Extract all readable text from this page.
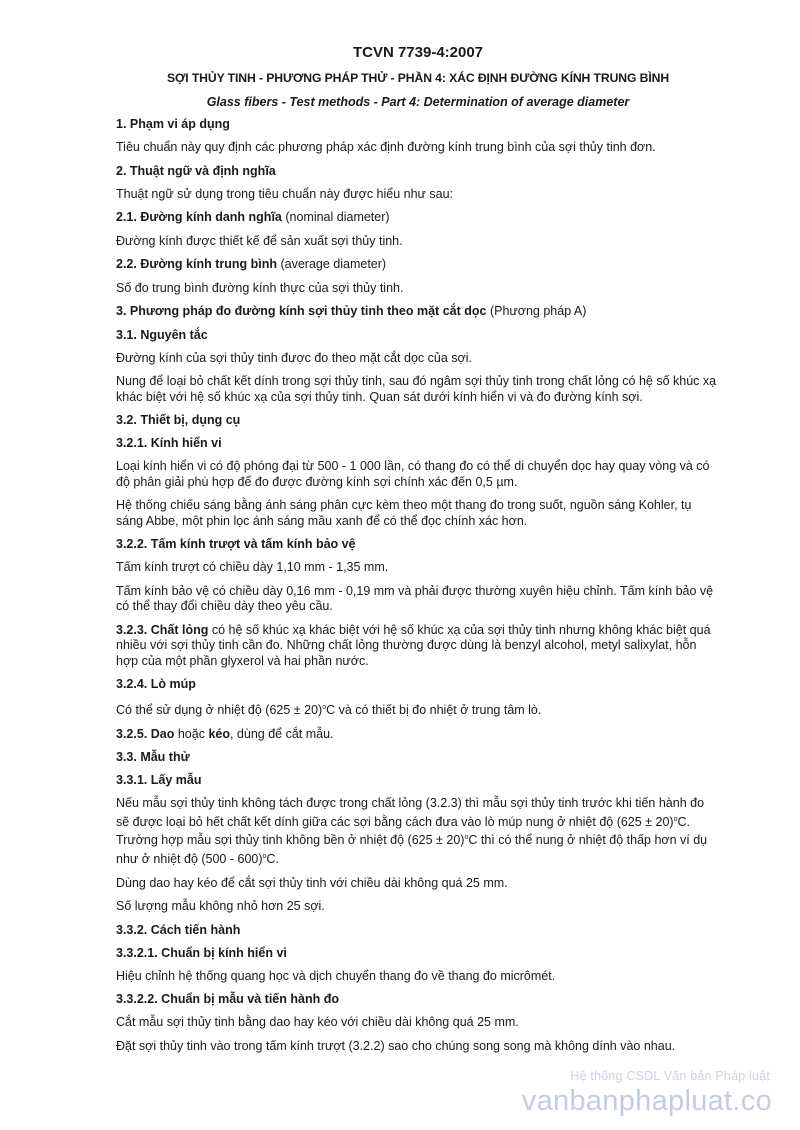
TCVN 7739-4:2007
SỢI THỦY TINH - PHƯƠNG PHÁP THỬ - PHẦN 4: XÁC ĐỊNH ĐƯỜNG KÍNH TRUNG BÌNH
Glass fibers - Test methods - Part 4: Determination of average diameter
1. Phạm vi áp dụng
Tiêu chuẩn này quy định các phương pháp xác định đường kính trung bình của sợi thủy tinh đơn.
2. Thuật ngữ và định nghĩa
Thuật ngữ sử dụng trong tiêu chuẩn này được hiểu như sau:
2.1. Đường kính danh nghĩa (nominal diameter)
Đường kính được thiết kế để sản xuất sợi thủy tinh.
2.2. Đường kính trung bình (average diameter)
Số đo trung bình đường kính thực của sợi thủy tinh.
3. Phương pháp đo đường kính sợi thủy tinh theo mặt cắt dọc (Phương pháp A)
3.1. Nguyên tắc
Đường kính của sợi thủy tinh được đo theo mặt cắt dọc của sợi.
Nung để loại bỏ chất kết dính trong sợi thủy tinh, sau đó ngâm sợi thủy tinh trong chất lỏng có hệ số khúc xạ khác biệt với hệ số khúc xạ của sợi thủy tinh. Quan sát dưới kính hiển vi và đo đường kính sợi.
3.2. Thiết bị, dụng cụ
3.2.1. Kính hiển vi
Loại kính hiển vi có độ phóng đại từ 500 - 1 000 lần, có thang đo có thể di chuyển dọc hay quay vòng và có độ phân giải phù hợp để đo được đường kính sợi chính xác đến 0,5 µm.
Hệ thống chiếu sáng bằng ánh sáng phân cực kèm theo một thang đo trong suốt, nguồn sáng Kohler, tụ sáng Abbe, một phin lọc ánh sáng mầu xanh để có thể đọc chính xác hơn.
3.2.2. Tấm kính trượt và tấm kính bảo vệ
Tấm kính trượt có chiều dày 1,10 mm - 1,35 mm.
Tấm kính bảo vệ có chiều dày 0,16 mm - 0,19 mm và phải được thường xuyên hiệu chỉnh. Tấm kính bảo vệ có thể thay đổi chiều dày theo yêu cầu.
3.2.3. Chất lỏng có hệ số khúc xạ khác biệt với hệ số khúc xạ của sợi thủy tinh nhưng không khác biệt quá nhiều với sợi thủy tinh cần đo. Những chất lỏng thường được dùng là benzyl alcohol, metyl salixylat, hỗn hợp của một phần glyxerol và hai phần nước.
3.2.4. Lò múp
Có thể sử dụng ở nhiệt độ $(625 \pm 20)^oC$ và có thiết bị đo nhiệt ở trung tâm lò.
3.2.5. Dao hoặc kéo, dùng để cắt mẫu.
3.3. Mẫu thử
3.3.1. Lấy mẫu
Nếu mẫu sợi thủy tinh không tách được trong chất lỏng (3.2.3) thì mẫu sợi thủy tinh trước khi tiến hành đo sẽ được loại bỏ hết chất kết dính giữa các sợi bằng cách đưa vào lò múp nung ở nhiệt độ $(625 \pm 20)^oC$. Trường hợp mẫu sợi thủy tinh không bền ở nhiệt độ $(625 \pm 20)^oC$ thì có thể nung ở nhiệt độ thấp hơn ví dụ như ở nhiệt độ (500 - 600)$^o$C.
Dùng dao hay kéo để cắt sợi thủy tinh với chiều dài không quá 25 mm.
Số lượng mẫu không nhỏ hơn 25 sợi.
3.3.2. Cách tiến hành
3.3.2.1. Chuẩn bị kính hiển vi
Hiệu chỉnh hệ thống quang học và dịch chuyển thang đo về thang đo micrômét.
3.3.2.2. Chuẩn bị mẫu và tiến hành đo
Cắt mẫu sợi thủy tinh bằng dao hay kéo với chiều dài không quá 25 mm.
Đặt sợi thủy tinh vào trong tấm kính trượt (3.2.2) sao cho chúng song song mà không dính vào nhau.
Hệ thống CSDL Văn bản Pháp luật
vanbanphapluat.co
